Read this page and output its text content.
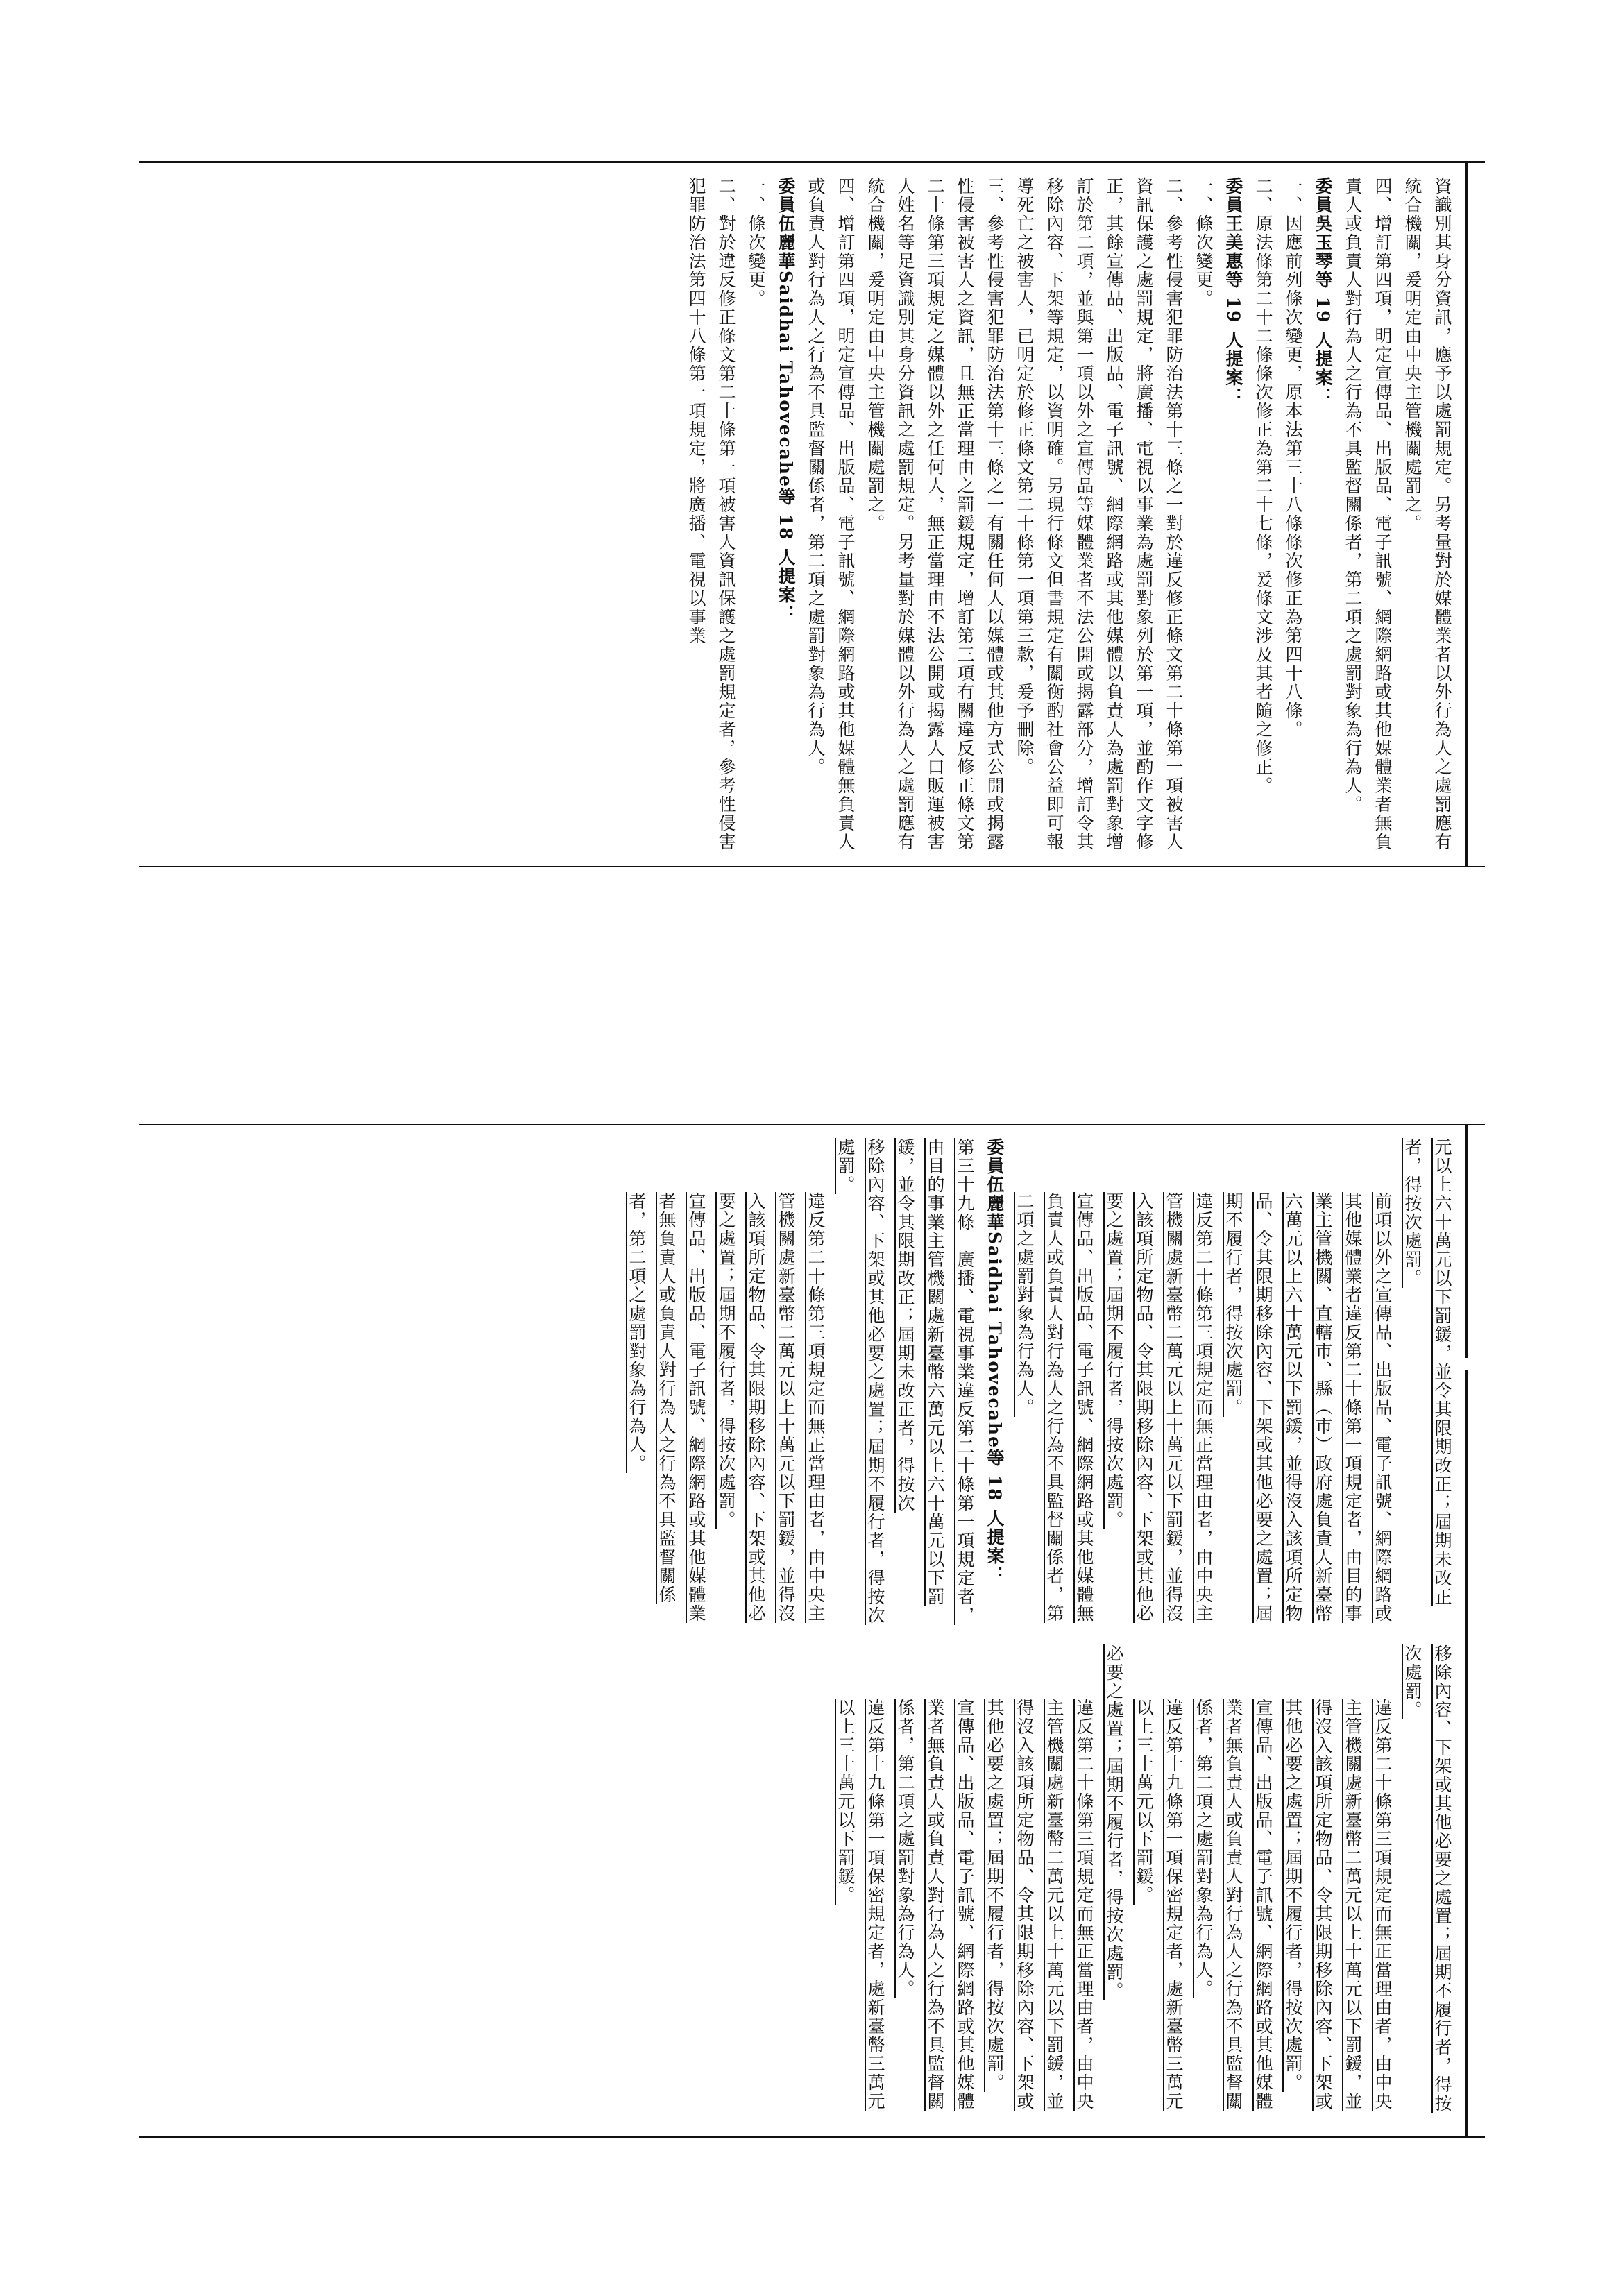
資識別其身分資訊，應予以處罰規定。另考量對於媒體業者以外行為人之處罰應有統合機關，爰明定由中央主管機關處罰之。

四、增訂第四項，明定宣傳品、出版品、電子訊號、網際網路或其他媒體業者無負責人或負責人對行為人之行為不具監督關係者，第二項之處罰對象為行為人。

委員吳玉琴等 19 人提案：

一、因應前列條次變更，原本法第三十八條條次修正為第四十八條。

二、原法條第二十二條條次修正為第二十七條，爰條文涉及其者隨之修正。

委員王美惠等 19 人提案：

一、條次變更。

二、參考性侵害犯罪防治法第十三條之一對於違反修正條文第二十條第一項被害人資訊保護之處罰規定，將廣播、電視以事業為處罰對象列於第一項，並酌作文字修正，其餘宣傳品、出版品、電子訊號、網際網路或其他媒體以負責人為處罰對象增訂於第二項，並與第一項以外之宣傳品等媒體業者不法公開或揭露部分，增訂令其移除內容、下架等規定，以資明確。另現行條文但書規定有關衡酌社會公益即可報導死亡之被害人，已明定於修正條文第二十條第一項第三款，爰予刪除。

三、參考性侵害犯罪防治法第十三條之一有關任何人以媒體或其他方式公開或揭露性侵害被害人之資訊，且無正當理由之罰鍰規定，增訂第三項有關違反修正條文第二十條第三項規定之媒體以外之任何人，無正當理由不法公開或揭露人口販運被害人姓名等足資識別其身分資訊之處罰規定。另考量對於媒體以外行為人之處罰應有統合機關，爰明定由中央主管機關處罰之。

四、增訂第四項，明定宣傳品、出版品、電子訊號、網際網路或其他媒體無負責人或負責人對行為人之行為不具監督關係者，第二項之處罰對象為行為人。

委員伍麗華Saidhai Tahovecahe等 18 人提案：

一、條次變更。

二、對於違反修正條文第二十條第一項被害人資訊保護之處罰規定者，參考性侵害犯罪防治法第四十八條第一項規定，將廣播、電視以事業

元以上六十萬元以下罰鍰，並令其限期改正；屆期未改正者，得按次處罰。

前項以外之宣傳品、出版品、電子訊號、網際網路或其他媒體業者違反第二十條第一項規定者，由目的事業主管機關、直轄市、縣（市）政府處負責人新臺幣六萬元以上六十萬元以下罰鍰，並得沒入該項所定物品、令其限期移除內容、下架或其他必要之處置；屆期不履行者，得按次處罰。

違反第二十條第三項規定而無正當理由者，由中央主管機關處新臺幣二萬元以上十萬元以下罰鍰，並得沒入該項所定物品、令其限期移除內容、下架或其他必要之處置；屆期不履行者，得按次處罰。

宣傳品、出版品、電子訊號、網際網路或其他媒體無負責人或負責人對行為人之行為不具監督關係者，第二項之處罰對象為行為人。

委員伍麗華Saidhai Tahovecahe等 18 人提案：

第三十九條　廣播、電視事業違反第二十條第一項規定者，由目的事業主管機關處新臺幣六萬元以上六十萬元以下罰鍰，並令其限期改正；屆期未改正者，得按次

移除內容、下架或其他必要之處置；屆期不履行者，得按次處罰。

違反第二十條第三項規定而無正當理由者，由中央主管機關處新臺幣二萬元以上十萬元以下罰鍰，並得沒入該項所定物品、令其限期移除內容、下架或其他必要之處置；屆期不履行者，得按次處罰。

宣傳品、出版品、電子訊號、網際網路或其他媒體業者無負責人或負責人對行為人之行為不具監督關係者，第二項之處罰對象為行為人。

移除內容、下架或其他必要之處置；屆期不履行者，得按次處罰。

違反第二十條第三項規定而無正當理由者，由中央主管機關處新臺幣二萬元以上十萬元以下罰鍰，並得沒入該項所定物品、令其限期移除內容、下架或其他必要之處置；屆期不履行者，得按次處罰。

宣傳品、出版品、電子訊號、網際網路或其他媒體業者無負責人或負責人對行為人之行為不具監督關係者，第二項之處罰對象為行為人。

違反第十九條第一項保密規定者，處新臺幣三萬元以上三十萬元以下罰鍰。

必要之處置；屆期不履行者，得按次處罰。

違反第二十條第三項規定而無正當理由者，由中央主管機關處新臺幣二萬元以上十萬元以下罰鍰，並得沒入該項所定物品、令其限期移除內容、下架或其他必要之處置；屆期不履行者，得按次處罰。

宣傳品、出版品、電子訊號、網際網路或其他媒體業者無負責人或負責人對行為人之行為不具監督關係者，第二項之處罰對象為行為人。

違反第十九條第一項保密規定者，處新臺幣三萬元以上三十萬元以下罰鍰。
